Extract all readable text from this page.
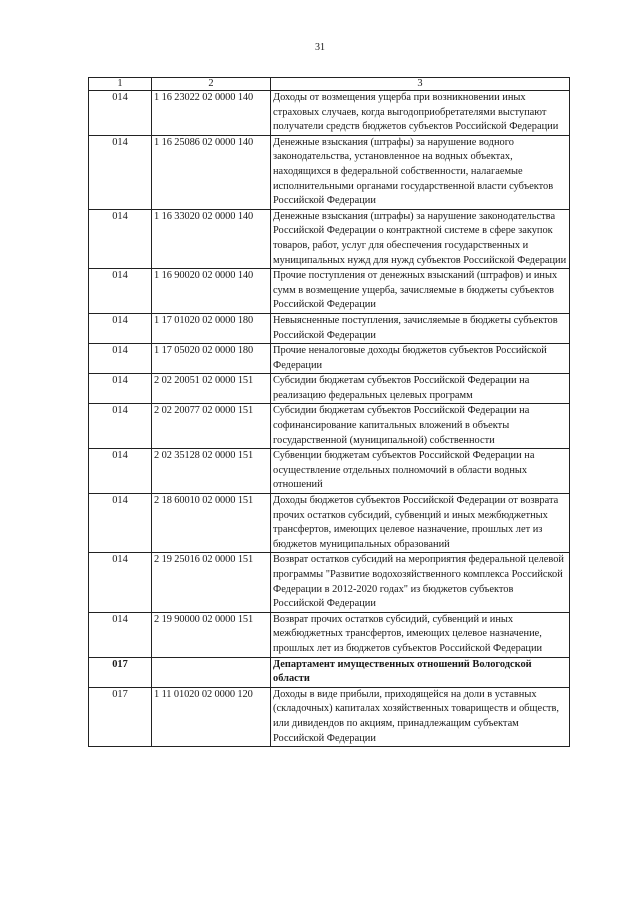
31
1	2	3
014	1 16 23022 02 0000 140	Доходы от возмещения ущерба при возникновении иных страховых случаев, когда выгодоприобретателями выступают получатели средств бюджетов субъектов Российской Федерации
014	1 16 25086 02 0000 140	Денежные взыскания (штрафы) за нарушение водного законодательства, установленное на водных объектах, находящихся в федеральной собственности, налагаемые исполнительными органами государственной власти субъектов Российской Федерации
014	1 16 33020 02 0000 140	Денежные взыскания (штрафы) за нарушение законодательства Российской Федерации о контрактной системе в сфере закупок товаров, работ, услуг для обеспечения государственных и муниципальных нужд для нужд субъектов Российской Федерации
014	1 16 90020 02 0000 140	Прочие поступления от денежных взысканий (штрафов) и иных сумм в возмещение ущерба, зачисляемые в бюджеты субъектов Российской Федерации
014	1 17 01020 02 0000 180	Невыясненные поступления, зачисляемые в бюджеты субъектов Российской Федерации
014	1 17 05020 02 0000 180	Прочие неналоговые доходы бюджетов субъектов Российской Федерации
014	2 02 20051 02 0000 151	Субсидии бюджетам субъектов Российской Федерации на реализацию федеральных целевых программ
014	2 02 20077 02 0000 151	Субсидии бюджетам субъектов Российской Федерации на софинансирование капитальных вложений в объекты государственной (муниципальной) собственности
014	2 02 35128 02 0000 151	Субвенции бюджетам субъектов Российской Федерации на осуществление отдельных полномочий в области водных отношений
014	2 18 60010 02 0000 151	Доходы бюджетов субъектов Российской Федерации от возврата прочих остатков субсидий, субвенций и иных межбюджетных трансфертов, имеющих целевое назначение, прошлых лет из бюджетов муниципальных образований
014	2 19 25016 02 0000 151	Возврат остатков субсидий на мероприятия федеральной целевой программы "Развитие водохозяйственного комплекса Российской Федерации в 2012-2020 годах" из бюджетов субъектов Российской Федерации
014	2 19 90000 02 0000 151	Возврат прочих остатков субсидий, субвенций и иных межбюджетных трансфертов, имеющих целевое назначение, прошлых лет из бюджетов субъектов Российской Федерации
017		Департамент имущественных отношений Вологодской области
017	1 11 01020 02 0000 120	Доходы в виде прибыли, приходящейся на доли в уставных (складочных) капиталах хозяйственных товариществ и обществ, или дивидендов по акциям, принадлежащим субъектам Российской Федерации
